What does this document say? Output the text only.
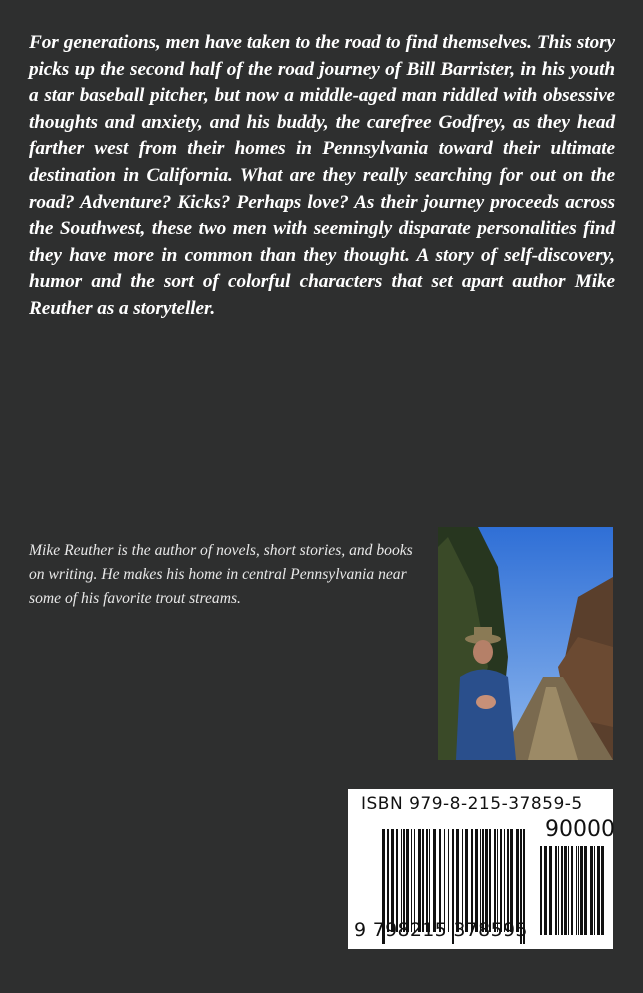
For generations, men have taken to the road to find themselves. This story picks up the second half of the road journey of Bill Barrister, in his youth a star baseball pitcher, but now a middle-aged man riddled with obsessive thoughts and anxiety, and his buddy, the carefree Godfrey, as they head farther west from their homes in Pennsylvania toward their ultimate destination in California. What are they really searching for out on the road? Adventure? Kicks? Perhaps love? As their journey proceeds across the Southwest, these two men with seemingly disparate personalities find they have more in common than they thought. A story of self-discovery, humor and the sort of colorful characters that set apart author Mike Reuther as a storyteller.
Mike Reuther is the author of novels, short stories, and books on writing. He makes his home in central Pennsylvania near some of his favorite trout streams.
ISBN 979-8-215-37859-5
90000
9 798215 378595
